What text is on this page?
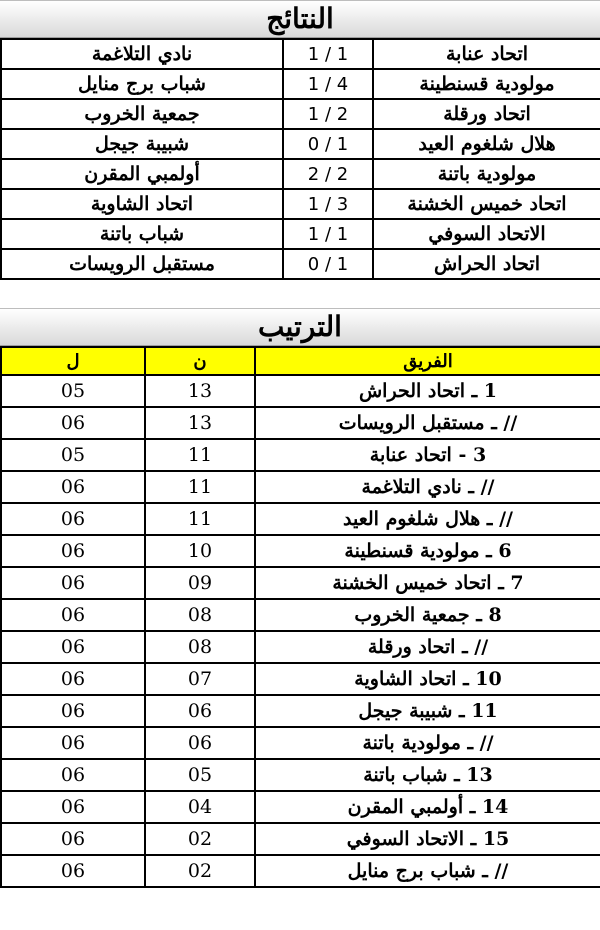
النتائج
نادي التلاغمة	1 / 1	اتحاد عنابة
شباب برج منايل	1 / 4	مولودية قسنطينة
جمعية الخروب	1 / 2	اتحاد ورقلة
شبيبة جيجل	0 / 1	هلال شلغوم العيد
أولمبي المقرن	2 / 2	مولودية باتنة
اتحاد الشاوية	1 / 3	اتحاد خميس الخشنة
شباب باتنة	1 / 1	الاتحاد السوفي
مستقبل الرويسات	0 / 1	اتحاد الحراش
الترتيب
ل	ن	الفريق
05	13	1 ـ اتحاد الحراش
06	13	// ـ مستقبل الرويسات
05	11	3 - اتحاد عنابة
06	11	// ـ نادي التلاغمة
06	11	// ـ هلال شلغوم العيد
06	10	6 ـ مولودية قسنطينة
06	09	7 ـ اتحاد خميس الخشنة
06	08	8 ـ جمعية الخروب
06	08	// ـ اتحاد ورقلة
06	07	10 ـ اتحاد الشاوية
06	06	11 ـ شبيبة جيجل
06	06	// ـ مولودية باتنة
06	05	13 ـ شباب باتنة
06	04	14 ـ أولمبي المقرن
06	02	15 ـ الاتحاد السوفي
06	02	// ـ شباب برج منايل
